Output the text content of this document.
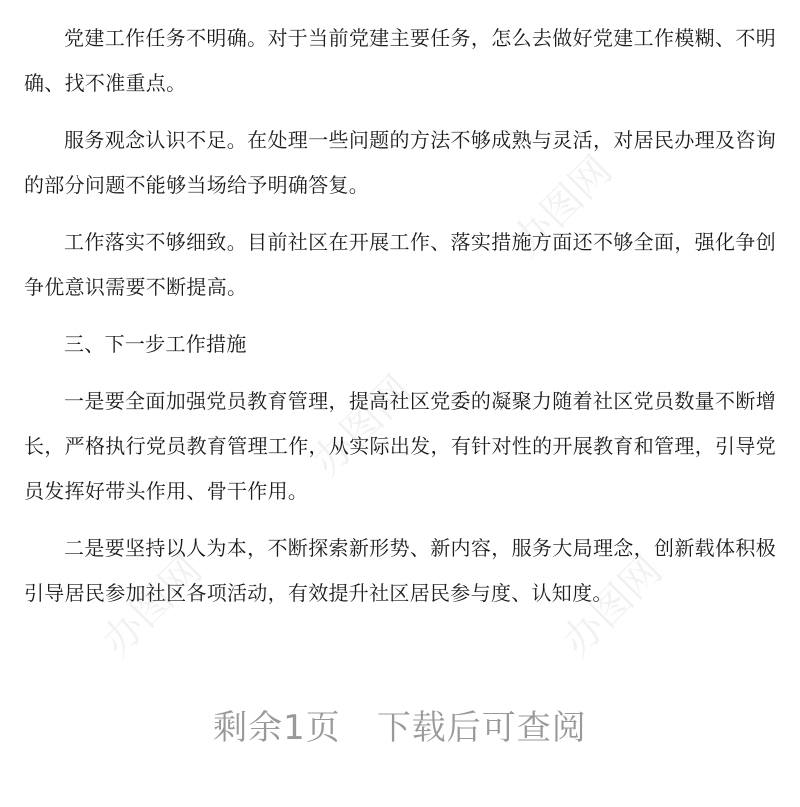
办图网
办图网
办图网
办图网

党建工作任务不明确。对于当前党建主要任务，怎么去做好党建工作模糊、不明确、找不准重点。

服务观念认识不足。在处理一些问题的方法不够成熟与灵活，对居民办理及咨询的部分问题不能够当场给予明确答复。

工作落实不够细致。目前社区在开展工作、落实措施方面还不够全面，强化争创争优意识需要不断提高。

三、下一步工作措施

一是要全面加强党员教育管理，提高社区党委的凝聚力随着社区党员数量不断增长，严格执行党员教育管理工作，从实际出发，有针对性的开展教育和管理，引导党员发挥好带头作用、骨干作用。

二是要坚持以人为本，不断探索新形势、新内容，服务大局理念，创新载体积极引导居民参加社区各项活动，有效提升社区居民参与度、认知度。

剩余1页 下载后可查阅
